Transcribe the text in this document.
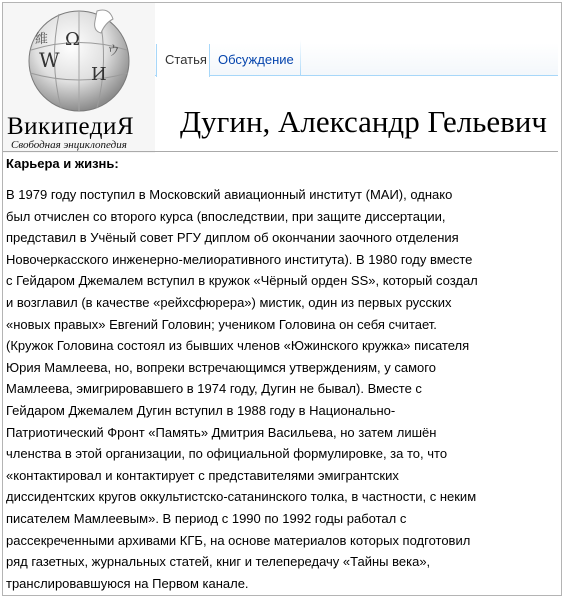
Ω
W
И
維
ウ
ВикипедиЯ
Свободная энциклопедия
Статья Обсуждение
Дугин, Александр Гельевич
Карьера и жизнь:
В 1979 году поступил в Московский авиационный институт (МАИ), однако
был отчислен со второго курса (впоследствии, при защите диссертации,
представил в Учёный совет РГУ диплом об окончании заочного отделения
Новочеркасского инженерно-мелиоративного института). В 1980 году вместе
с Гейдаром Джемалем вступил в кружок «Чёрный орден SS», который создал
и возглавил (в качестве «рейхсфюрера») мистик, один из первых русских
«новых правых» Евгений Головин; учеником Головина он себя считает.
(Кружок Головина состоял из бывших членов «Южинского кружка» писателя
Юрия Мамлеева, но, вопреки встречающимся утверждениям, у самого
Мамлеева, эмигрировавшего в 1974 году, Дугин не бывал). Вместе с
Гейдаром Джемалем Дугин вступил в 1988 году в Национально-
Патриотический Фронт «Память» Дмитрия Васильева, но затем лишён
членства в этой организации, по официальной формулировке, за то, что
«контактировал и контактирует с представителями эмигрантских
диссидентских кругов оккультистско-сатанинского толка, в частности, с неким
писателем Мамлеевым». В период с 1990 по 1992 годы работал с
рассекреченными архивами КГБ, на основе материалов которых подготовил
ряд газетных, журнальных статей, книг и телепередачу «Тайны века»,
транслировавшуюся на Первом канале.
